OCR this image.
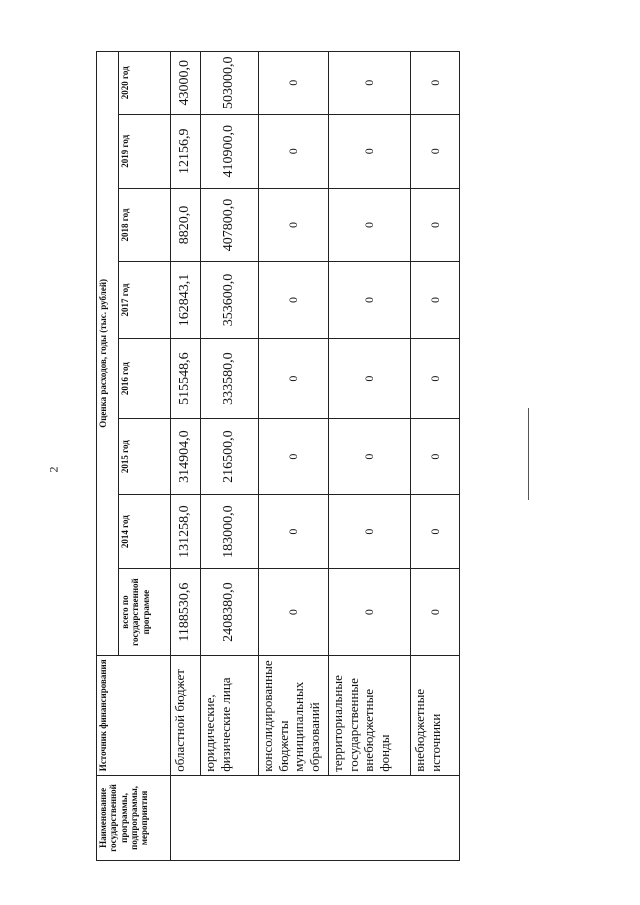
2
Наименование государственной программы, подпрограммы, мероприятия	Источник финансирования	Оценка расходов, годы (тыс. рублей)							
		всего по государственной программе	2014 год	2015 год	2016 год	2017 год	2018 год	2019 год	2020 год
	областной бюджет	1188530,6	131258,0	314904,0	515548,6	162843,1	8820,0	12156,9	43000,0
	юридические, физические лица	2408380,0	183000,0	216500,0	333580,0	353600,0	407800,0	410900,0	503000,0
	консолидированные бюджеты муниципальных образований	0	0	0	0	0	0	0	0
	территориальные государственные внебюджетные фонды	0	0	0	0	0	0	0	0
	внебюджетные источники	0	0	0	0	0	0	0	0
